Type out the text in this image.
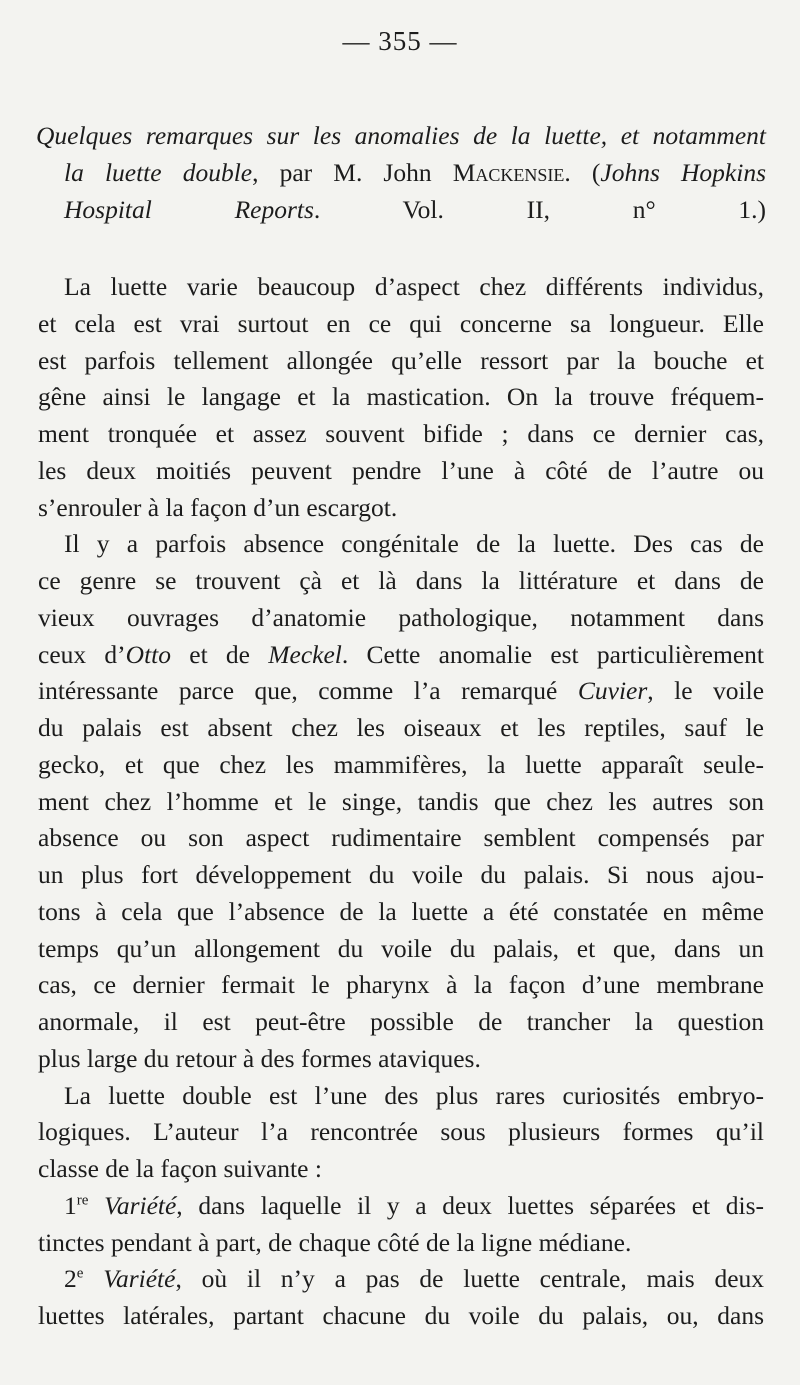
— 355 —
Quelques remarques sur les anomalies de la luette, et notamment
la luette double, par M. John Mackensie. (Johns Hopkins
Hospital Reports. Vol. II, n° 1.)
La luette varie beaucoup d’aspect chez différents individus,
et cela est vrai surtout en ce qui concerne sa longueur. Elle
est parfois tellement allongée qu’elle ressort par la bouche et
gêne ainsi le langage et la mastication. On la trouve fréquem-
ment tronquée et assez souvent bifide ; dans ce dernier cas,
les deux moitiés peuvent pendre l’une à côté de l’autre ou
s’enrouler à la façon d’un escargot.
Il y a parfois absence congénitale de la luette. Des cas de
ce genre se trouvent çà et là dans la littérature et dans de
vieux ouvrages d’anatomie pathologique, notamment dans
ceux d’Otto et de Meckel. Cette anomalie est particulièrement
intéressante parce que, comme l’a remarqué Cuvier, le voile
du palais est absent chez les oiseaux et les reptiles, sauf le
gecko, et que chez les mammifères, la luette apparaît seule-
ment chez l’homme et le singe, tandis que chez les autres son
absence ou son aspect rudimentaire semblent compensés par
un plus fort développement du voile du palais. Si nous ajou-
tons à cela que l’absence de la luette a été constatée en même
temps qu’un allongement du voile du palais, et que, dans un
cas, ce dernier fermait le pharynx à la façon d’une membrane
anormale, il est peut-être possible de trancher la question
plus large du retour à des formes ataviques.
La luette double est l’une des plus rares curiosités embryo-
logiques. L’auteur l’a rencontrée sous plusieurs formes qu’il
classe de la façon suivante :
1re Variété, dans laquelle il y a deux luettes séparées et dis-
tinctes pendant à part, de chaque côté de la ligne médiane.
2e Variété, où il n’y a pas de luette centrale, mais deux
luettes latérales, partant chacune du voile du palais, ou, dans
